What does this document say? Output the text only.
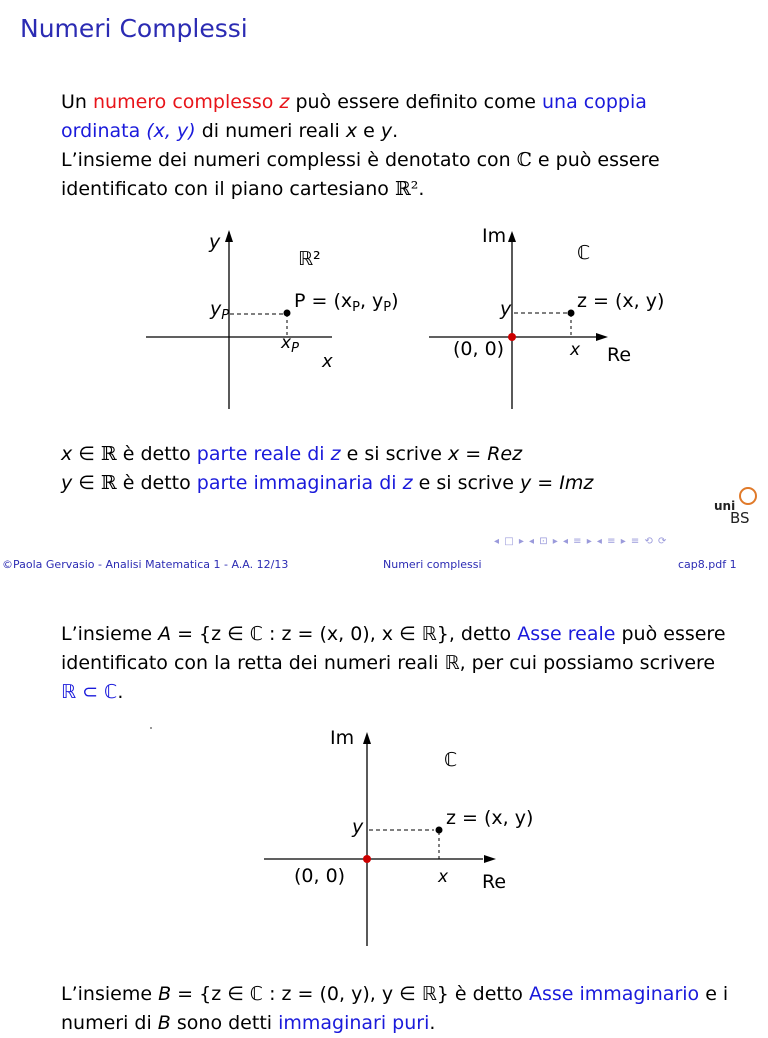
Numeri Complessi
Un numero complesso z può essere definito come una coppia ordinata (x, y) di numeri reali x e y.
L’insieme dei numeri complessi è denotato con ℂ e può essere identificato con il piano cartesiano ℝ².
y
ℝ²
$P = (x_P$, $y_P$)
$y_P$
$x_P$
x
Im
ℂ
y	z = (x, y)
(0, 0)	x Re
x ∈ ℝ è detto parte reale di z e si scrive x = Rez
y ∈ ℝ è detto parte immaginaria di z e si scrive y = Imz
uni
BS
◂ □ ▸ ◂ ⊡ ▸ ◂ ≡ ▸ ◂ ≡ ▸ ≡ ⟲ ⟳
©Paola Gervasio - Analisi Matematica 1 - A.A. 12/13	Numeri complessi	cap8.pdf 1
L’insieme A = {z ∈ ℂ : z = (x, 0), x ∈ ℝ}, detto Asse reale può essere identificato con la retta dei numeri reali ℝ, per cui possiamo scrivere ℝ ⊂ ℂ.
Im
ℂ
y	z = (x, y)
(0, 0)	x Re
L’insieme B = {z ∈ ℂ : z = (0, y), y ∈ ℝ} è detto Asse immaginario e i numeri di B sono detti immaginari puri.
